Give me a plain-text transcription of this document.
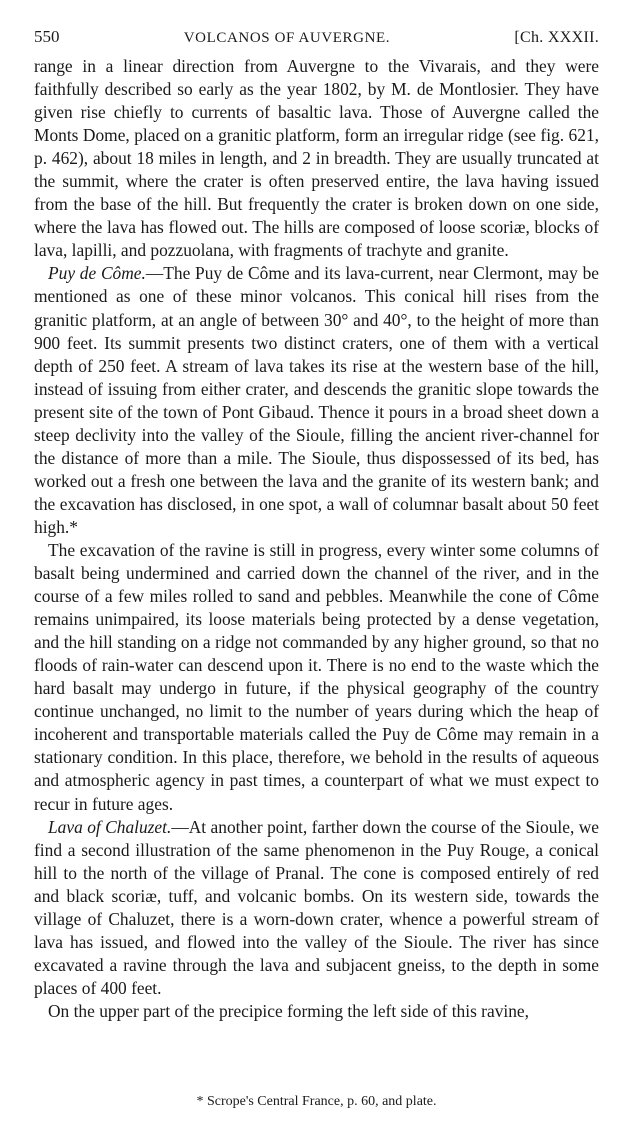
550	VOLCANOS OF AUVERGNE.	[Ch. XXXII.

range in a linear direction from Auvergne to the Vivarais, and they were faithfully described so early as the year 1802, by M. de Montlosier. They have given rise chiefly to currents of basaltic lava. Those of Auvergne called the Monts Dome, placed on a granitic platform, form an irregular ridge (see fig. 621, p. 462), about 18 miles in length, and 2 in breadth. They are usually truncated at the summit, where the crater is often preserved entire, the lava having issued from the base of the hill. But frequently the crater is broken down on one side, where the lava has flowed out. The hills are composed of loose scoriæ, blocks of lava, lapilli, and pozzuolana, with fragments of trachyte and granite.

Puy de Côme.—The Puy de Côme and its lava-current, near Clermont, may be mentioned as one of these minor volcanos. This conical hill rises from the granitic platform, at an angle of between 30° and 40°, to the height of more than 900 feet. Its summit presents two distinct craters, one of them with a vertical depth of 250 feet. A stream of lava takes its rise at the western base of the hill, instead of issuing from either crater, and descends the granitic slope towards the present site of the town of Pont Gibaud. Thence it pours in a broad sheet down a steep declivity into the valley of the Sioule, filling the ancient river-channel for the distance of more than a mile. The Sioule, thus dispossessed of its bed, has worked out a fresh one between the lava and the granite of its western bank; and the excavation has disclosed, in one spot, a wall of columnar basalt about 50 feet high.*

The excavation of the ravine is still in progress, every winter some columns of basalt being undermined and carried down the channel of the river, and in the course of a few miles rolled to sand and pebbles. Meanwhile the cone of Côme remains unimpaired, its loose materials being protected by a dense vegetation, and the hill standing on a ridge not commanded by any higher ground, so that no floods of rain-water can descend upon it. There is no end to the waste which the hard basalt may undergo in future, if the physical geography of the country continue unchanged, no limit to the number of years during which the heap of incoherent and transportable materials called the Puy de Côme may remain in a stationary condition. In this place, therefore, we behold in the results of aqueous and atmospheric agency in past times, a counterpart of what we must expect to recur in future ages.

Lava of Chaluzet.—At another point, farther down the course of the Sioule, we find a second illustration of the same phenomenon in the Puy Rouge, a conical hill to the north of the village of Pranal. The cone is composed entirely of red and black scoriæ, tuff, and volcanic bombs. On its western side, towards the village of Chaluzet, there is a worn-down crater, whence a powerful stream of lava has issued, and flowed into the valley of the Sioule. The river has since excavated a ravine through the lava and subjacent gneiss, to the depth in some places of 400 feet.

On the upper part of the precipice forming the left side of this ravine,

* Scrope's Central France, p. 60, and plate.
